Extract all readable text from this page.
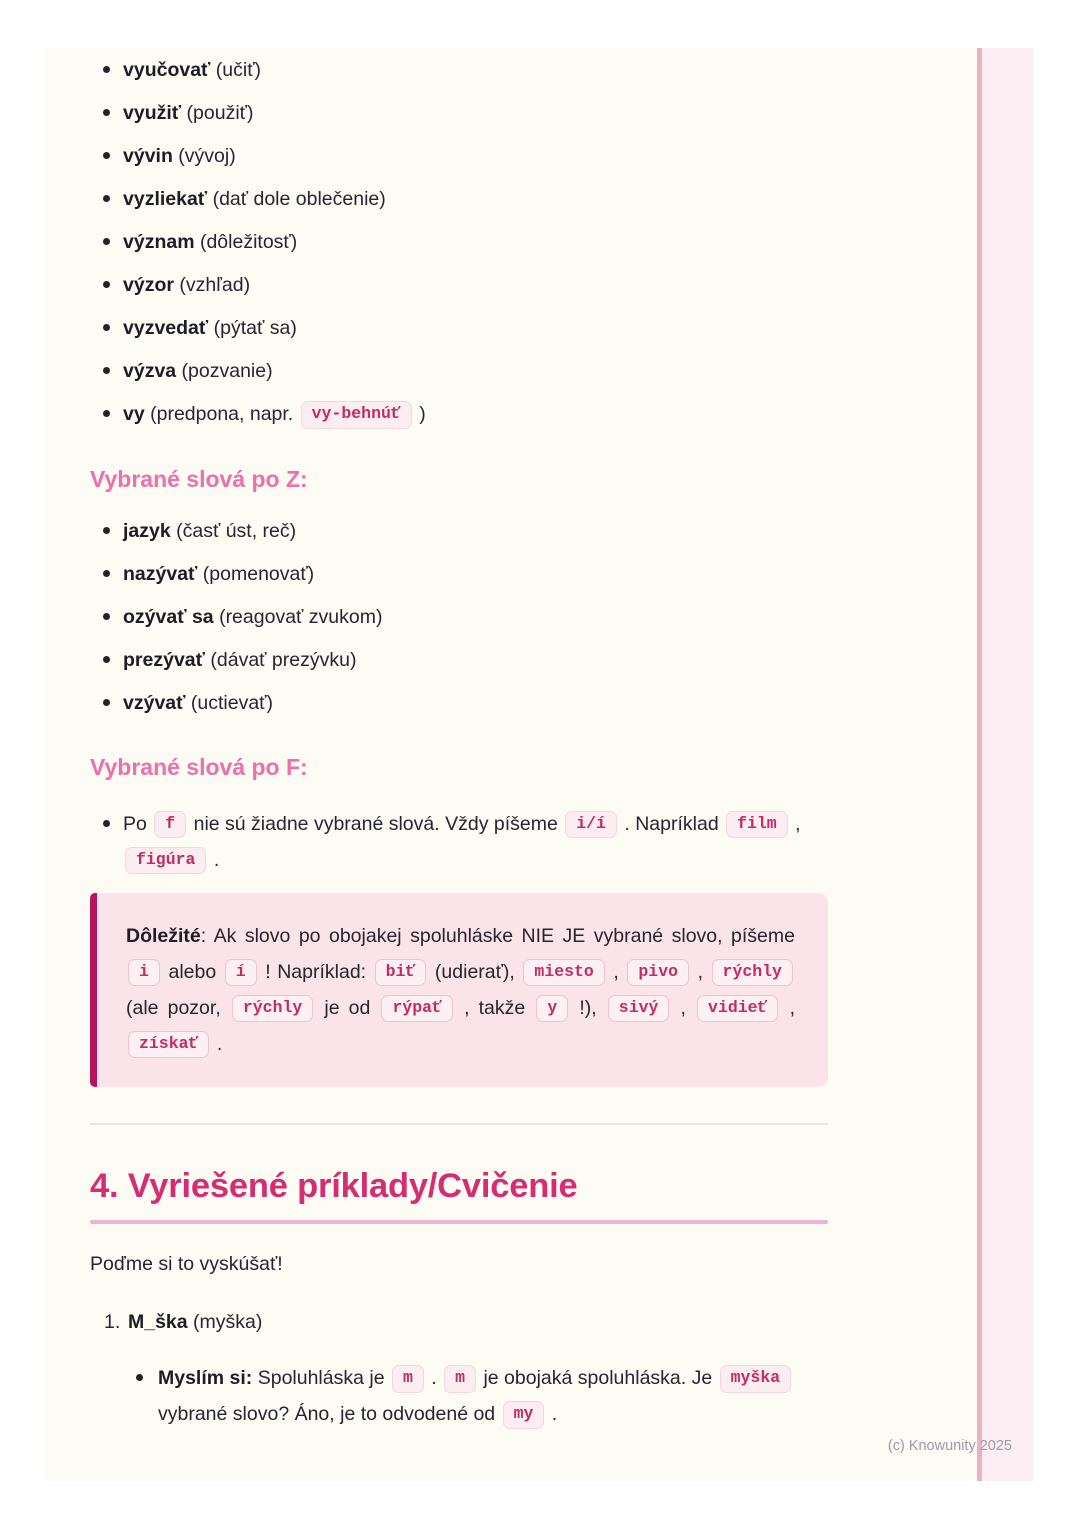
vyučovať (učiť)
využiť (použiť)
vývin (vývoj)
vyzliekať (dať dole oblečenie)
význam (dôležitosť)
výzor (vzhľad)
vyzvedať (pýtať sa)
výzva (pozvanie)
vy (predpona, napr. vy-behnúť )
Vybrané slová po Z:
jazyk (časť úst, reč)
nazývať (pomenovať)
ozývať sa (reagovať zvukom)
prezývať (dávať prezývku)
vzývať (uctievať)
Vybrané slová po F:
Po f nie sú žiadne vybrané slová. Vždy píšeme i/í . Napríklad film , figúra .
Dôležité: Ak slovo po obojakej spoluhláske NIE JE vybrané slovo, píšeme i alebo í ! Napríklad: biť (udierať), miesto , pivo , rýchly (ale pozor, rýchly je od rýpať , takže y !), sivý , vidieť , získať .
4. Vyriešené príklady/Cvičenie

Poďme si to vyskúšať!

1. M_ška (myška)
Myslím si: Spoluhláska je m . m je obojaká spoluhláska. Je myška vybrané slovo? Áno, je to odvodené od my .
(c) Knowunity 2025
